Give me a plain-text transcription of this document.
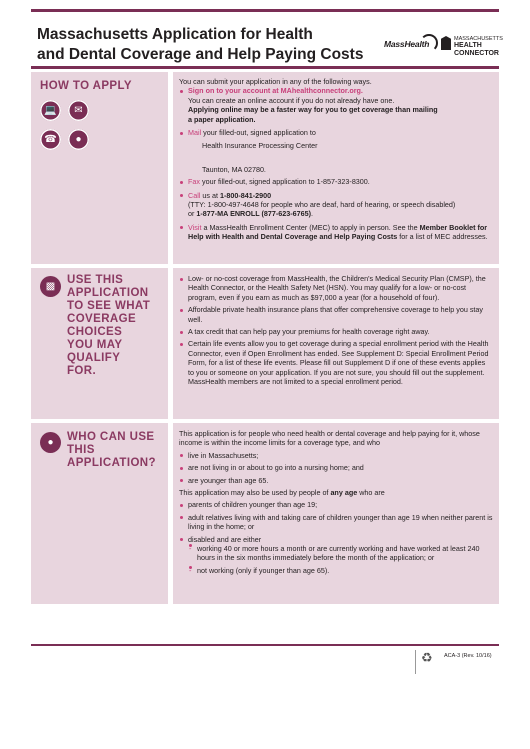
Massachusetts Application for Health
and Dental Coverage and Help Paying Costs
MassHealth	MASSACHUSETTS
HEALTH
CONNECTOR
HOW TO APPLY
💻	✉
☎	●

You can submit your application in any of the following ways.

Sign on to your account at MAhealthconnector.org.
You can create an online account if you do not already have one.
Applying online may be a faster way for you to get coverage than mailing
a paper application.
Mail your filled-out, signed application to
Health Insurance Processing Center
Taunton, MA 02780.
Fax your filled-out, signed application to 1-857-323-8300.
Call us at 1-800-841-2900
(TTY: 1-800-497-4648 for people who are deaf, hard of hearing, or speech disabled)
or 1-877-MA ENROLL (877-623-6765).
Visit a MassHealth Enrollment Center (MEC) to apply in person. See the Member Booklet for Help with Health and Dental Coverage and Help Paying Costs for a list of MEC addresses.
▩
USE THIS
APPLICATION
TO SEE WHAT
COVERAGE CHOICES
YOU MAY QUALIFY
FOR.
Low- or no-cost coverage from MassHealth, the Children's Medical Security Plan (CMSP), the Health Connector, or the Health Safety Net (HSN). You may qualify for a low- or no-cost program, even if you earn as much as $97,000 a year (for a household of four).
Affordable private health insurance plans that offer comprehensive coverage to help you stay well.
A tax credit that can help pay your premiums for health coverage right away.
Certain life events allow you to get coverage during a special enrollment period with the Health Connector, even if Open Enrollment has ended. See Supplement D: Special Enrollment Period Form, for a list of these life events. Please fill out Supplement D if one of these events applies to you or someone on your application. If you are not sure, you should fill out the supplement. MassHealth members are not limited to a special enrollment period.
●	WHO CAN USE
THIS APPLICATION?

This application is for people who need health or dental coverage and help paying for it, whose income is within the income limits for a coverage type, and who

live in Massachusetts;
are not living in or about to go into a nursing home; and
are younger than age 65.

This application may also be used by people of any age who are

parents of children younger than age 19;
adult relatives living with and taking care of children younger than age 19 when neither parent is living in the home; or
disabled and are either
- working 40 or more hours a month or are currently working and have worked at least 240 hours in the six months immediately before the month of the application; or
- not working (only if younger than age 65).
♻ ACA-3 (Rev. 10/16)
